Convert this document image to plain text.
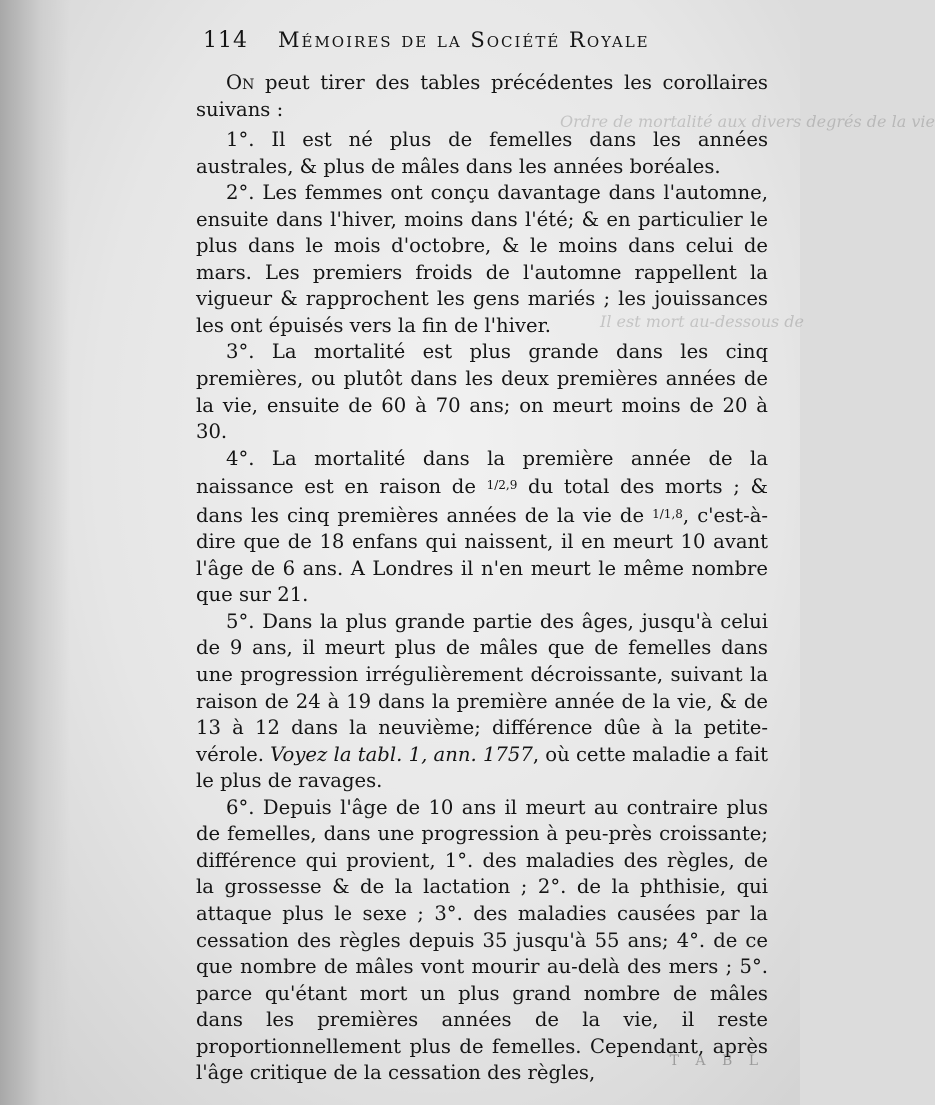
Ordre de mortalité aux divers degrés de la vie
Il est mort au-dessous de
114 Mémoires de la Société Royale

On peut tirer des tables précédentes les corollaires suivans :

1°. Il est né plus de femelles dans les années australes, & plus de mâles dans les années boréales.

2°. Les femmes ont conçu davantage dans l'automne, ensuite dans l'hiver, moins dans l'été; & en particulier le plus dans le mois d'octobre, & le moins dans celui de mars. Les premiers froids de l'automne rappellent la vigueur & rapprochent les gens mariés ; les jouissances les ont épuisés vers la fin de l'hiver.

3°. La mortalité est plus grande dans les cinq premières, ou plutôt dans les deux premières années de la vie, ensuite de 60 à 70 ans; on meurt moins de 20 à 30.

4°. La mortalité dans la première année de la naissance est en raison de $^{1/2,9}$ du total des morts ; & dans les cinq premières années de la vie de $^{1/1,8}$, c'est-à-dire que de 18 enfans qui naissent, il en meurt 10 avant l'âge de 6 ans. A Londres il n'en meurt le même nombre que sur 21.

5°. Dans la plus grande partie des âges, jusqu'à celui de 9 ans, il meurt plus de mâles que de femelles dans une progression irrégulièrement décroissante, suivant la raison de 24 à 19 dans la première année de la vie, & de 13 à 12 dans la neuvième; différence dûe à la petite-vérole. Voyez la tabl. 1, ann. 1757, où cette maladie a fait le plus de ravages.

6°. Depuis l'âge de 10 ans il meurt au contraire plus de femelles, dans une progression à peu-près croissante; différence qui provient, 1°. des maladies des règles, de la grossesse & de la lactation ; 2°. de la phthisie, qui attaque plus le sexe ; 3°. des maladies causées par la cessation des règles depuis 35 jusqu'à 55 ans; 4°. de ce que nombre de mâles vont mourir au-delà des mers ; 5°. parce qu'étant mort un plus grand nombre de mâles dans les premières années de la vie, il reste proportionnellement plus de femelles. Cependant, après l'âge critique de la cessation des règles,

T A B L
